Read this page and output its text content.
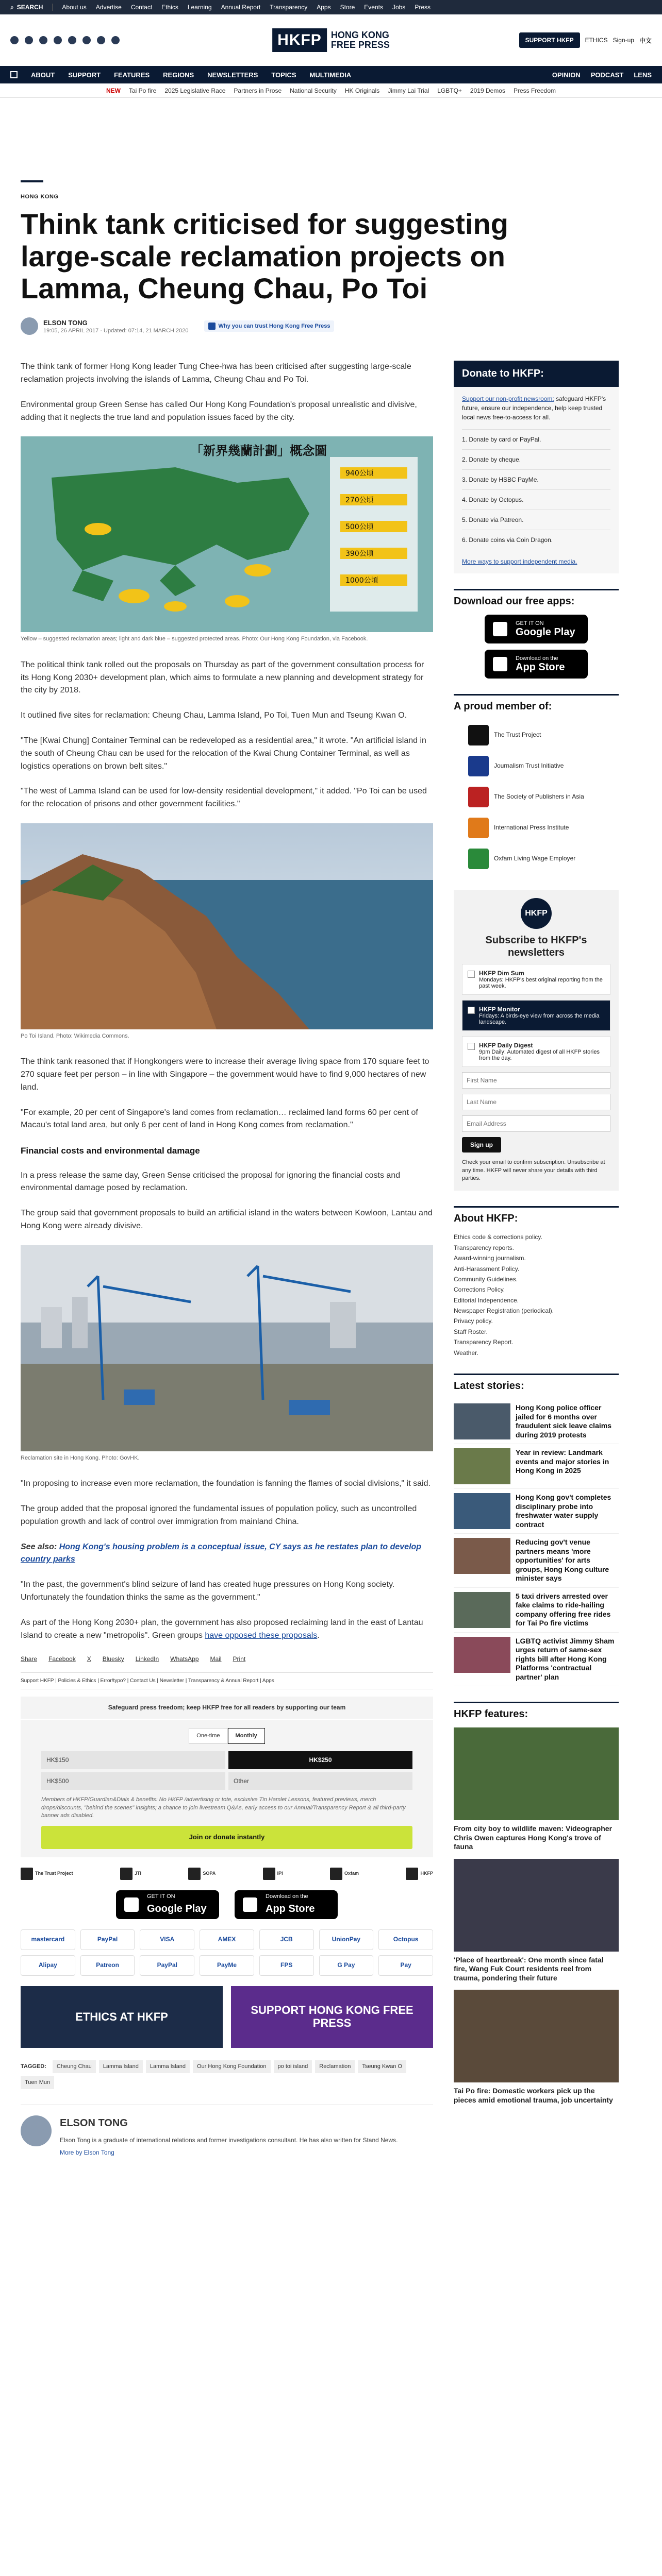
⌕ SEARCH	About us Advertise Contact Ethics Learning Annual Report Transparency Apps Store Events Jobs Press
HKFP	HONG KONG
FREE PRESS	SUPPORT HKFP	ETHICS Sign-up 中文
ABOUT SUPPORT FEATURES REGIONS NEWSLETTERS TOPICS MULTIMEDIA	OPINION PODCAST LENS
NEW Tai Po fire 2025 Legislative Race Partners in Prose National Security HK Originals Jimmy Lai Trial LGBTQ+ 2019 Demos Press Freedom
HONG KONG
Think tank criticised for suggesting large-scale reclamation projects on Lamma, Cheung Chau, Po Toi
ELSON TONG
19:05, 26 APRIL 2017 · Updated: 07:14, 21 MARCH 2020
Why you can trust Hong Kong Free Press

The think tank of former Hong Kong leader Tung Chee-hwa has been criticised after suggesting large-scale reclamation projects involving the islands of Lamma, Cheung Chau and Po Toi.

Environmental group Green Sense has called Our Hong Kong Foundation's proposal unrealistic and divisive, adding that it neglects the true land and population issues faced by the city.

「新界幾蘭計劃」概念圖
940公頃
270公頃
500公頃
390公頃
1000公頃
Yellow – suggested reclamation areas; light and dark blue – suggested protected areas. Photo: Our Hong Kong Foundation, via Facebook.

The political think tank rolled out the proposals on Thursday as part of the government consultation process for its Hong Kong 2030+ development plan, which aims to formulate a new planning and development strategy for the city by 2018.

It outlined five sites for reclamation: Cheung Chau, Lamma Island, Po Toi, Tuen Mun and Tseung Kwan O.

"The [Kwai Chung] Container Terminal can be redeveloped as a residential area," it wrote. "An artificial island in the south of Cheung Chau can be used for the relocation of the Kwai Chung Container Terminal, as well as logistics operations on brown belt sites."

"The west of Lamma Island can be used for low-density residential development," it added. "Po Toi can be used for the relocation of prisons and other government facilities."

Po Toi Island. Photo: Wikimedia Commons.

The think tank reasoned that if Hongkongers were to increase their average living space from 170 square feet to 270 square feet per person – in line with Singapore – the government would have to find 9,000 hectares of new land.

"For example, 20 per cent of Singapore's land comes from reclamation… reclaimed land forms 60 per cent of Macau's total land area, but only 6 per cent of land in Hong Kong comes from reclamation."

Financial costs and environmental damage

In a press release the same day, Green Sense criticised the proposal for ignoring the financial costs and environmental damage posed by reclamation.

The group said that government proposals to build an artificial island in the waters between Kowloon, Lantau and Hong Kong were already divisive.

Reclamation site in Hong Kong. Photo: GovHK.

"In proposing to increase even more reclamation, the foundation is fanning the flames of social divisions," it said.

The group added that the proposal ignored the fundamental issues of population policy, such as uncontrolled population growth and lack of control over immigration from mainland China.

See also: Hong Kong's housing problem is a conceptual issue, CY says as he restates plan to develop country parks

"In the past, the government's blind seizure of land has created huge pressures on Hong Kong society. Unfortunately the foundation thinks the same as the government."

As part of the Hong Kong 2030+ plan, the government has also proposed reclaiming land in the east of Lantau Island to create a new "metropolis". Green groups have opposed these proposals.

Share Facebook X Bluesky LinkedIn WhatsApp Mail Print
Support HKFP | Policies & Ethics | Error/typo? | Contact Us | Newsletter | Transparency & Annual Report | Apps
Safeguard press freedom; keep HKFP free for all readers by supporting our team
One-time	Monthly
HK$150	HK$250
HK$500	Other
Members of HKFP/Guardian&Dials & benefits: No HKFP /advertising or tote, exclusive Tin Hamlet Lessons, featured previews, merch drops/discounts, "behind the scenes" insights; a chance to join livestream Q&As, early access to our Annual/Transparency Report & all third-party banner ads disabled.
Join or donate instantly
The Trust Project	JTI	SOPA	IPI	Oxfam	HKFP
GET IT ON
Google Play
Download on the
App Store
mastercard	PayPal	VISA	AMEX	JCB	UnionPay	Octopus
Alipay	Patreon	PayPal	PayMe	FPS	G Pay	Pay
ETHICS AT HKFP	SUPPORT HONG KONG FREE PRESS
TAGGED:	Cheung Chau	Lamma Island	Lamma Island	Our Hong Kong Foundation	po toi island	Reclamation	Tseung Kwan O
Tuen Mun
ELSON TONG
Elson Tong is a graduate of international relations and former investigations consultant. He has also written for Stand News.
More by Elson Tong
Donate to HKFP:
Support our non-profit newsroom: safeguard HKFP's future, ensure our independence, help keep trusted local news free-to-access for all.
1. Donate by card or PayPal.
2. Donate by cheque.
3. Donate by HSBC PayMe.
4. Donate by Octopus.
5. Donate via Patreon.
6. Donate coins via Coin Dragon.
More ways to support independent media.
Download our free apps:
GET IT ON
Google Play
Download on the
App Store
A proud member of:
The Trust Project
Journalism Trust Initiative
The Society of Publishers in Asia
International Press Institute
Oxfam Living Wage Employer
HKFP
Subscribe to HKFP's newsletters
HKFP Dim Sum
Mondays: HKFP's best original reporting from the past week.
HKFP Monitor
Fridays: A birds-eye view from across the media landscape.
HKFP Daily Digest
9pm Daily: Automated digest of all HKFP stories from the day.
First Name Last Name Email Address
Sign up
Check your email to confirm subscription. Unsubscribe at any time. HKFP will never share your details with third parties.
About HKFP:
Ethics code & corrections policy.
Transparency reports.
Award-winning journalism.
Anti-Harassment Policy.
Community Guidelines.
Corrections Policy.
Editorial Independence.
Newspaper Registration (periodical).
Privacy policy.
Staff Roster.
Transparency Report.
Weather.
Latest stories:
Hong Kong police officer jailed for 6 months over fraudulent sick leave claims during 2019 protests
Year in review: Landmark events and major stories in Hong Kong in 2025
Hong Kong gov't completes disciplinary probe into freshwater water supply contract
Reducing gov't venue partners means 'more opportunities' for arts groups, Hong Kong culture minister says
5 taxi drivers arrested over fake claims to ride-hailing company offering free rides for Tai Po fire victims
LGBTQ activist Jimmy Sham urges return of same-sex rights bill after Hong Kong Platforms 'contractual partner' plan
HKFP features:
From city boy to wildlife maven: Videographer Chris Owen captures Hong Kong's trove of fauna
'Place of heartbreak': One month since fatal fire, Wang Fuk Court residents reel from trauma, pondering their future
Tai Po fire: Domestic workers pick up the pieces amid emotional trauma, job uncertainty
